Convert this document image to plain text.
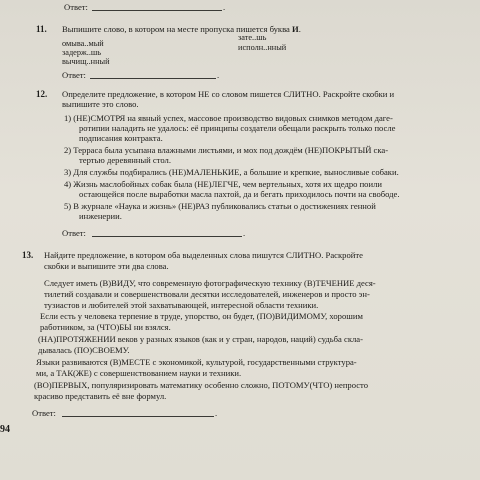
Ответ:	.
11. Выпишите слово, в котором на месте пропуска пишется буква И.
омыва..мый
задерж..шь
вычищ..нный
зате..шь
исполн..нный
Ответ:	.
12. Определите предложение, в котором НЕ со словом пишется СЛИТНО. Раскройте скобки и
выпишите это слово.
1) (НЕ)СМОТРЯ на явный успех, массовое производство видовых снимков методом даге-
ротипии наладить не удалось: её принципы создатели обещали раскрыть только после
подписания контракта.
2) Терраса была усыпана влажными листьями, и мох под дождём (НЕ)ПОКРЫТЫЙ ска-
тертью деревянный стол.
3) Для службы подбирались (НЕ)МАЛЕНЬКИЕ, а большие и крепкие, выносливые собаки.
4) Жизнь маслобойных собак была (НЕ)ЛЕГЧЕ, чем вертельных, хотя их щедро поили
остающейся после выработки масла пахтой, да и бегать приходилось почти на свободе.
5) В журнале «Наука и жизнь» (НЕ)РАЗ публиковались статьи о достижениях генной
инженерии.
Ответ:	.
13. Найдите предложение, в котором оба выделенных слова пишутся СЛИТНО. Раскройте
скобки и выпишите эти два слова.
Следует иметь (В)ВИДУ, что современную фотографическую технику (В)ТЕЧЕНИЕ деся-
тилетий создавали и совершенствовали десятки исследователей, инженеров и просто эн-
тузиастов и любителей этой захватывающей, интересной области техники.
Если есть у человека терпение в труде, упорство, он будет, (ПО)ВИДИМОМУ, хорошим
работником, за (ЧТО)БЫ ни взялся.
(НА)ПРОТЯЖЕНИИ веков у разных языков (как и у стран, народов, наций) судьба скла-
дывалась (ПО)СВОЕМУ.
Языки развиваются (В)МЕСТЕ с экономикой, культурой, государственными структура-
ми, а ТАК(ЖЕ) с совершенствованием науки и техники.
(ВО)ПЕРВЫХ, популяризировать математику особенно сложно, ПОТОМУ(ЧТО) непросто
красиво представить её вне формул.
Ответ:	.
94
